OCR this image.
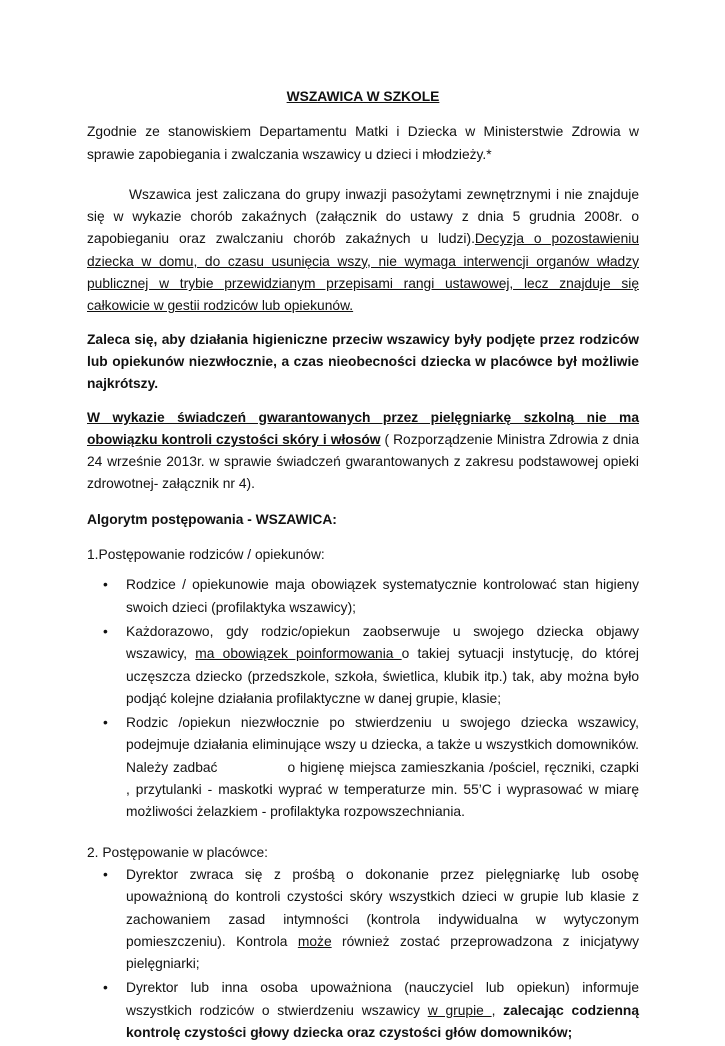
WSZAWICA W SZKOLE

Zgodnie ze stanowiskiem Departamentu Matki i Dziecka w Ministerstwie Zdrowia w sprawie zapobiegania i zwalczania wszawicy u dzieci i młodzieży.*

Wszawica jest zaliczana do grupy inwazji pasożytami zewnętrznymi i nie znajduje się w wykazie chorób zakaźnych (załącznik do ustawy z dnia 5 grudnia 2008r. o zapobieganiu oraz zwalczaniu chorób zakaźnych u ludzi).Decyzja o pozostawieniu dziecka w domu, do czasu usunięcia wszy, nie wymaga interwencji organów władzy publicznej w trybie przewidzianym przepisami rangi ustawowej, lecz znajduje się całkowicie w gestii rodziców lub opiekunów.

Zaleca się, aby działania higieniczne przeciw wszawicy były podjęte przez rodziców lub opiekunów niezwłocznie, a czas nieobecności dziecka w placówce był możliwie najkrótszy.

W wykazie świadczeń gwarantowanych przez pielęgniarkę szkolną nie ma obowiązku kontroli czystości skóry i włosów ( Rozporządzenie Ministra Zdrowia z dnia 24 wrześnie 2013r. w sprawie świadczeń gwarantowanych z zakresu podstawowej opieki zdrowotnej- załącznik nr 4).

Algorytm postępowania - WSZAWICA:

1.Postępowanie rodziców / opiekunów:

• Rodzice / opiekunowie maja obowiązek systematycznie kontrolować stan higieny swoich dzieci (profilaktyka wszawicy);
• Każdorazowo, gdy rodzic/opiekun zaobserwuje u swojego dziecka objawy wszawicy, ma obowiązek poinformowania o takiej sytuacji instytucję, do której uczęszcza dziecko (przedszkole, szkoła, świetlica, klubik itp.) tak, aby można było podjąć kolejne działania profilaktyczne w danej grupie, klasie;
• Rodzic /opiekun niezwłocznie po stwierdzeniu u swojego dziecka wszawicy, podejmuje działania eliminujące wszy u dziecka, a także u wszystkich domowników. Należy zadbać	o higienę miejsca zamieszkania /pościel, ręczniki, czapki , przytulanki - maskotki wyprać w temperaturze min. 55’C i wyprasować w miarę możliwości żelazkiem - profilaktyka rozpowszechniania.

2. Postępowanie w placówce:

• Dyrektor zwraca się z prośbą o dokonanie przez pielęgniarkę lub osobę upoważnioną do kontroli czystości skóry wszystkich dzieci w grupie lub klasie z zachowaniem zasad intymności (kontrola indywidualna w wytyczonym pomieszczeniu). Kontrola może również zostać przeprowadzona z inicjatywy pielęgniarki;
• Dyrektor lub inna osoba upoważniona (nauczyciel lub opiekun) informuje wszystkich rodziców o stwierdzeniu wszawicy w grupie , zalecając codzienną kontrolę czystości głowy dziecka oraz czystości głów domowników;
